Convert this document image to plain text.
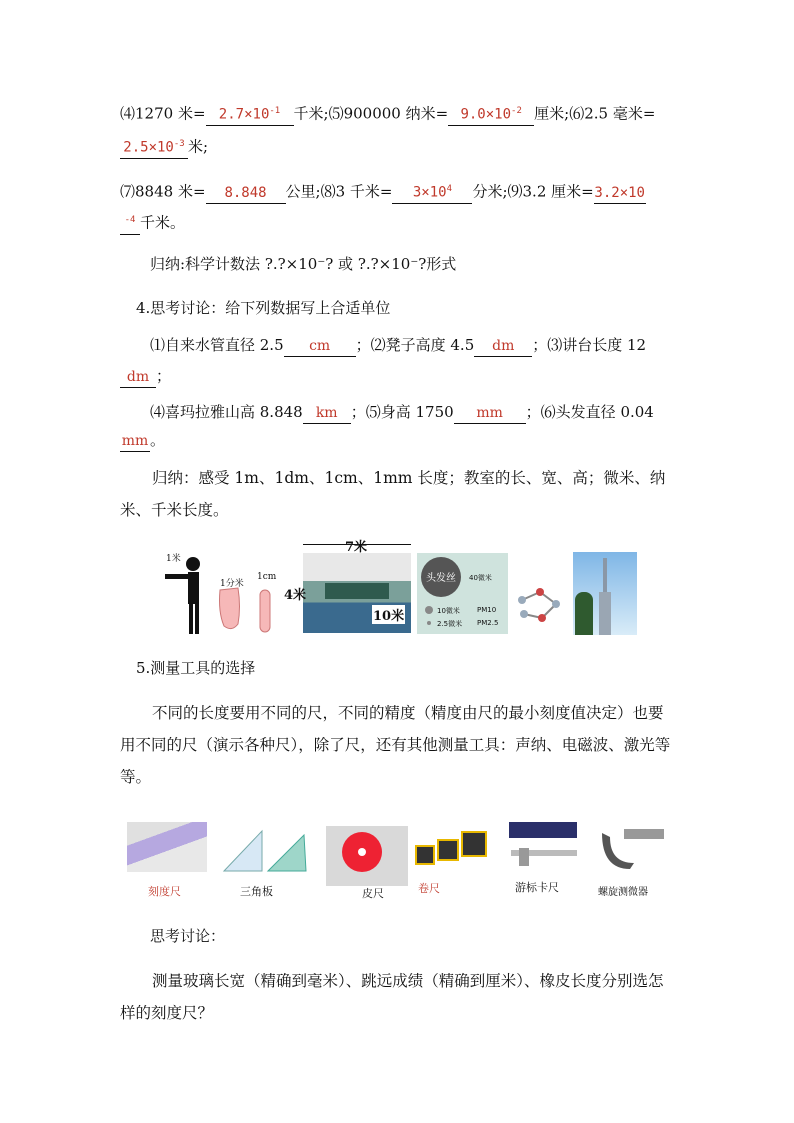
⑷1270 米= $2.7\times 10^{-1}$ 千米;⑸900000 纳米= $9.0\times 10^{-2}$ 厘米;⑹2.5 毫米=
$2.5\times 10^{-3}$ 米;
⑺8848 米= 8.848 公里;⑻3 千米= $3\times 10^4$ 分米;⑼3.2 厘米=3.2×10
$^{-4}$ 千米。
归纳:科学计数法 ?.?×10⁻? 或 ?.?×10⁻?形式
4.思考讨论：给下列数据写上合适单位
⑴自来水管直径 2.5 cm ；⑵凳子高度 4.5 dm ；⑶讲台长度 12
dm ；
⑷喜玛拉雅山高 8.848 km ；⑸身高 1750 mm ；⑹头发直径 0.04
mm 。
归纳：感受 1m、1dm、1cm、1mm 长度；教室的长、宽、高；微米、纳米、千米长度。
1米
1分米
1cm
7米
4米
10米
头发丝 40微米
10微米 PM10
2.5微米 PM2.5
5.测量工具的选择
不同的长度要用不同的尺，不同的精度（精度由尺的最小刻度值决定）也要用不同的尺（演示各种尺），除了尺，还有其他测量工具：声纳、电磁波、激光等等。
刻度尺	三角板	皮尺	卷尺	游标卡尺	螺旋测微器
思考讨论：
测量玻璃长宽（精确到毫米）、跳远成绩（精确到厘米）、橡皮长度分别选怎样的刻度尺？
